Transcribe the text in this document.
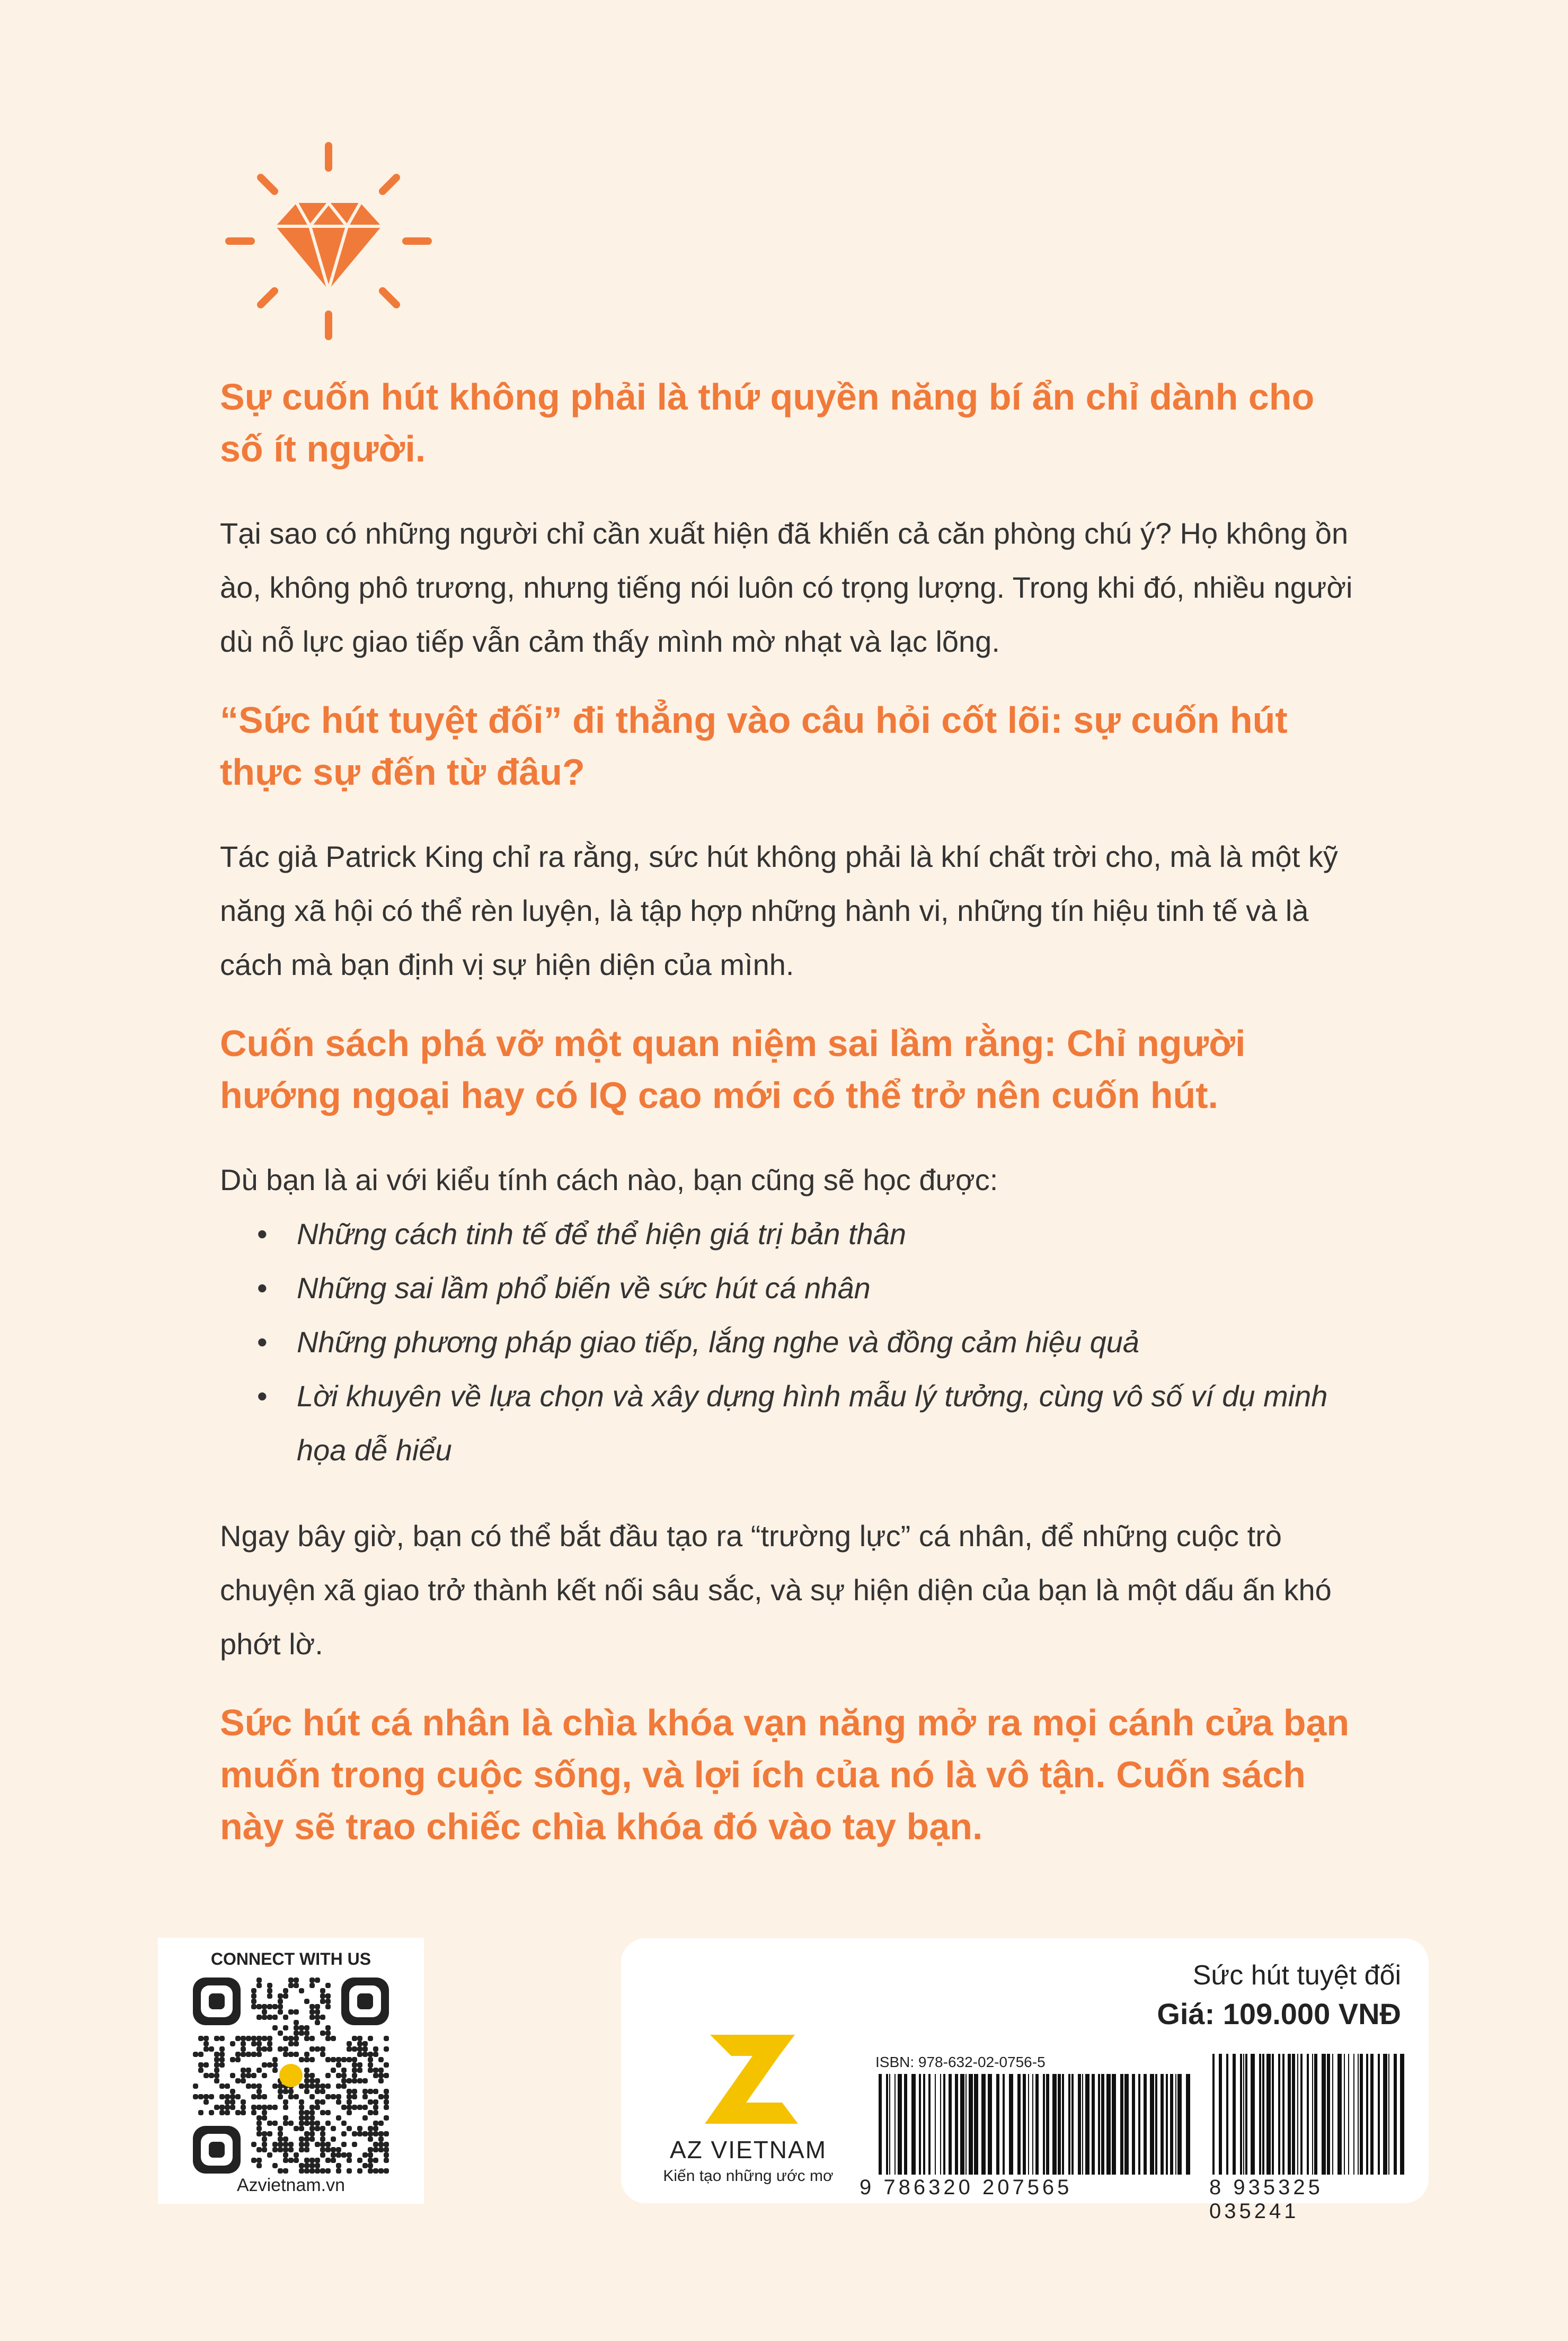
Sự cuốn hút không phải là thứ quyền năng bí ẩn chỉ dành cho số ít người.

Tại sao có những người chỉ cần xuất hiện đã khiến cả căn phòng chú ý? Họ không ồn ào, không phô trương, nhưng tiếng nói luôn có trọng lượng. Trong khi đó, nhiều người dù nỗ lực giao tiếp vẫn cảm thấy mình mờ nhạt và lạc lõng.

“Sức hút tuyệt đối” đi thẳng vào câu hỏi cốt lõi: sự cuốn hút thực sự đến từ đâu?

Tác giả Patrick King chỉ ra rằng, sức hút không phải là khí chất trời cho, mà là một kỹ năng xã hội có thể rèn luyện, là tập hợp những hành vi, những tín hiệu tinh tế và là cách mà bạn định vị sự hiện diện của mình.

Cuốn sách phá vỡ một quan niệm sai lầm rằng: Chỉ người hướng ngoại hay có IQ cao mới có thể trở nên cuốn hút.

Dù bạn là ai với kiểu tính cách nào, bạn cũng sẽ học được:

• Những cách tinh tế để thể hiện giá trị bản thân
• Những sai lầm phổ biến về sức hút cá nhân
• Những phương pháp giao tiếp, lắng nghe và đồng cảm hiệu quả
• Lời khuyên về lựa chọn và xây dựng hình mẫu lý tưởng, cùng vô số ví dụ minh họa dễ hiểu

Ngay bây giờ, bạn có thể bắt đầu tạo ra “trường lực” cá nhân, để những cuộc trò chuyện xã giao trở thành kết nối sâu sắc, và sự hiện diện của bạn là một dấu ấn khó phớt lờ.

Sức hút cá nhân là chìa khóa vạn năng mở ra mọi cánh cửa bạn muốn trong cuộc sống, và lợi ích của nó là vô tận. Cuốn sách này sẽ trao chiếc chìa khóa đó vào tay bạn.

CONNECT WITH US
Azvietnam.vn
AZ VIETNAM
Kiến tạo những ước mơ
Sức hút tuyệt đối
Giá: 109.000 VNĐ
ISBN: 978-632-02-0756-5
9 786320 207565	8 935325 035241
